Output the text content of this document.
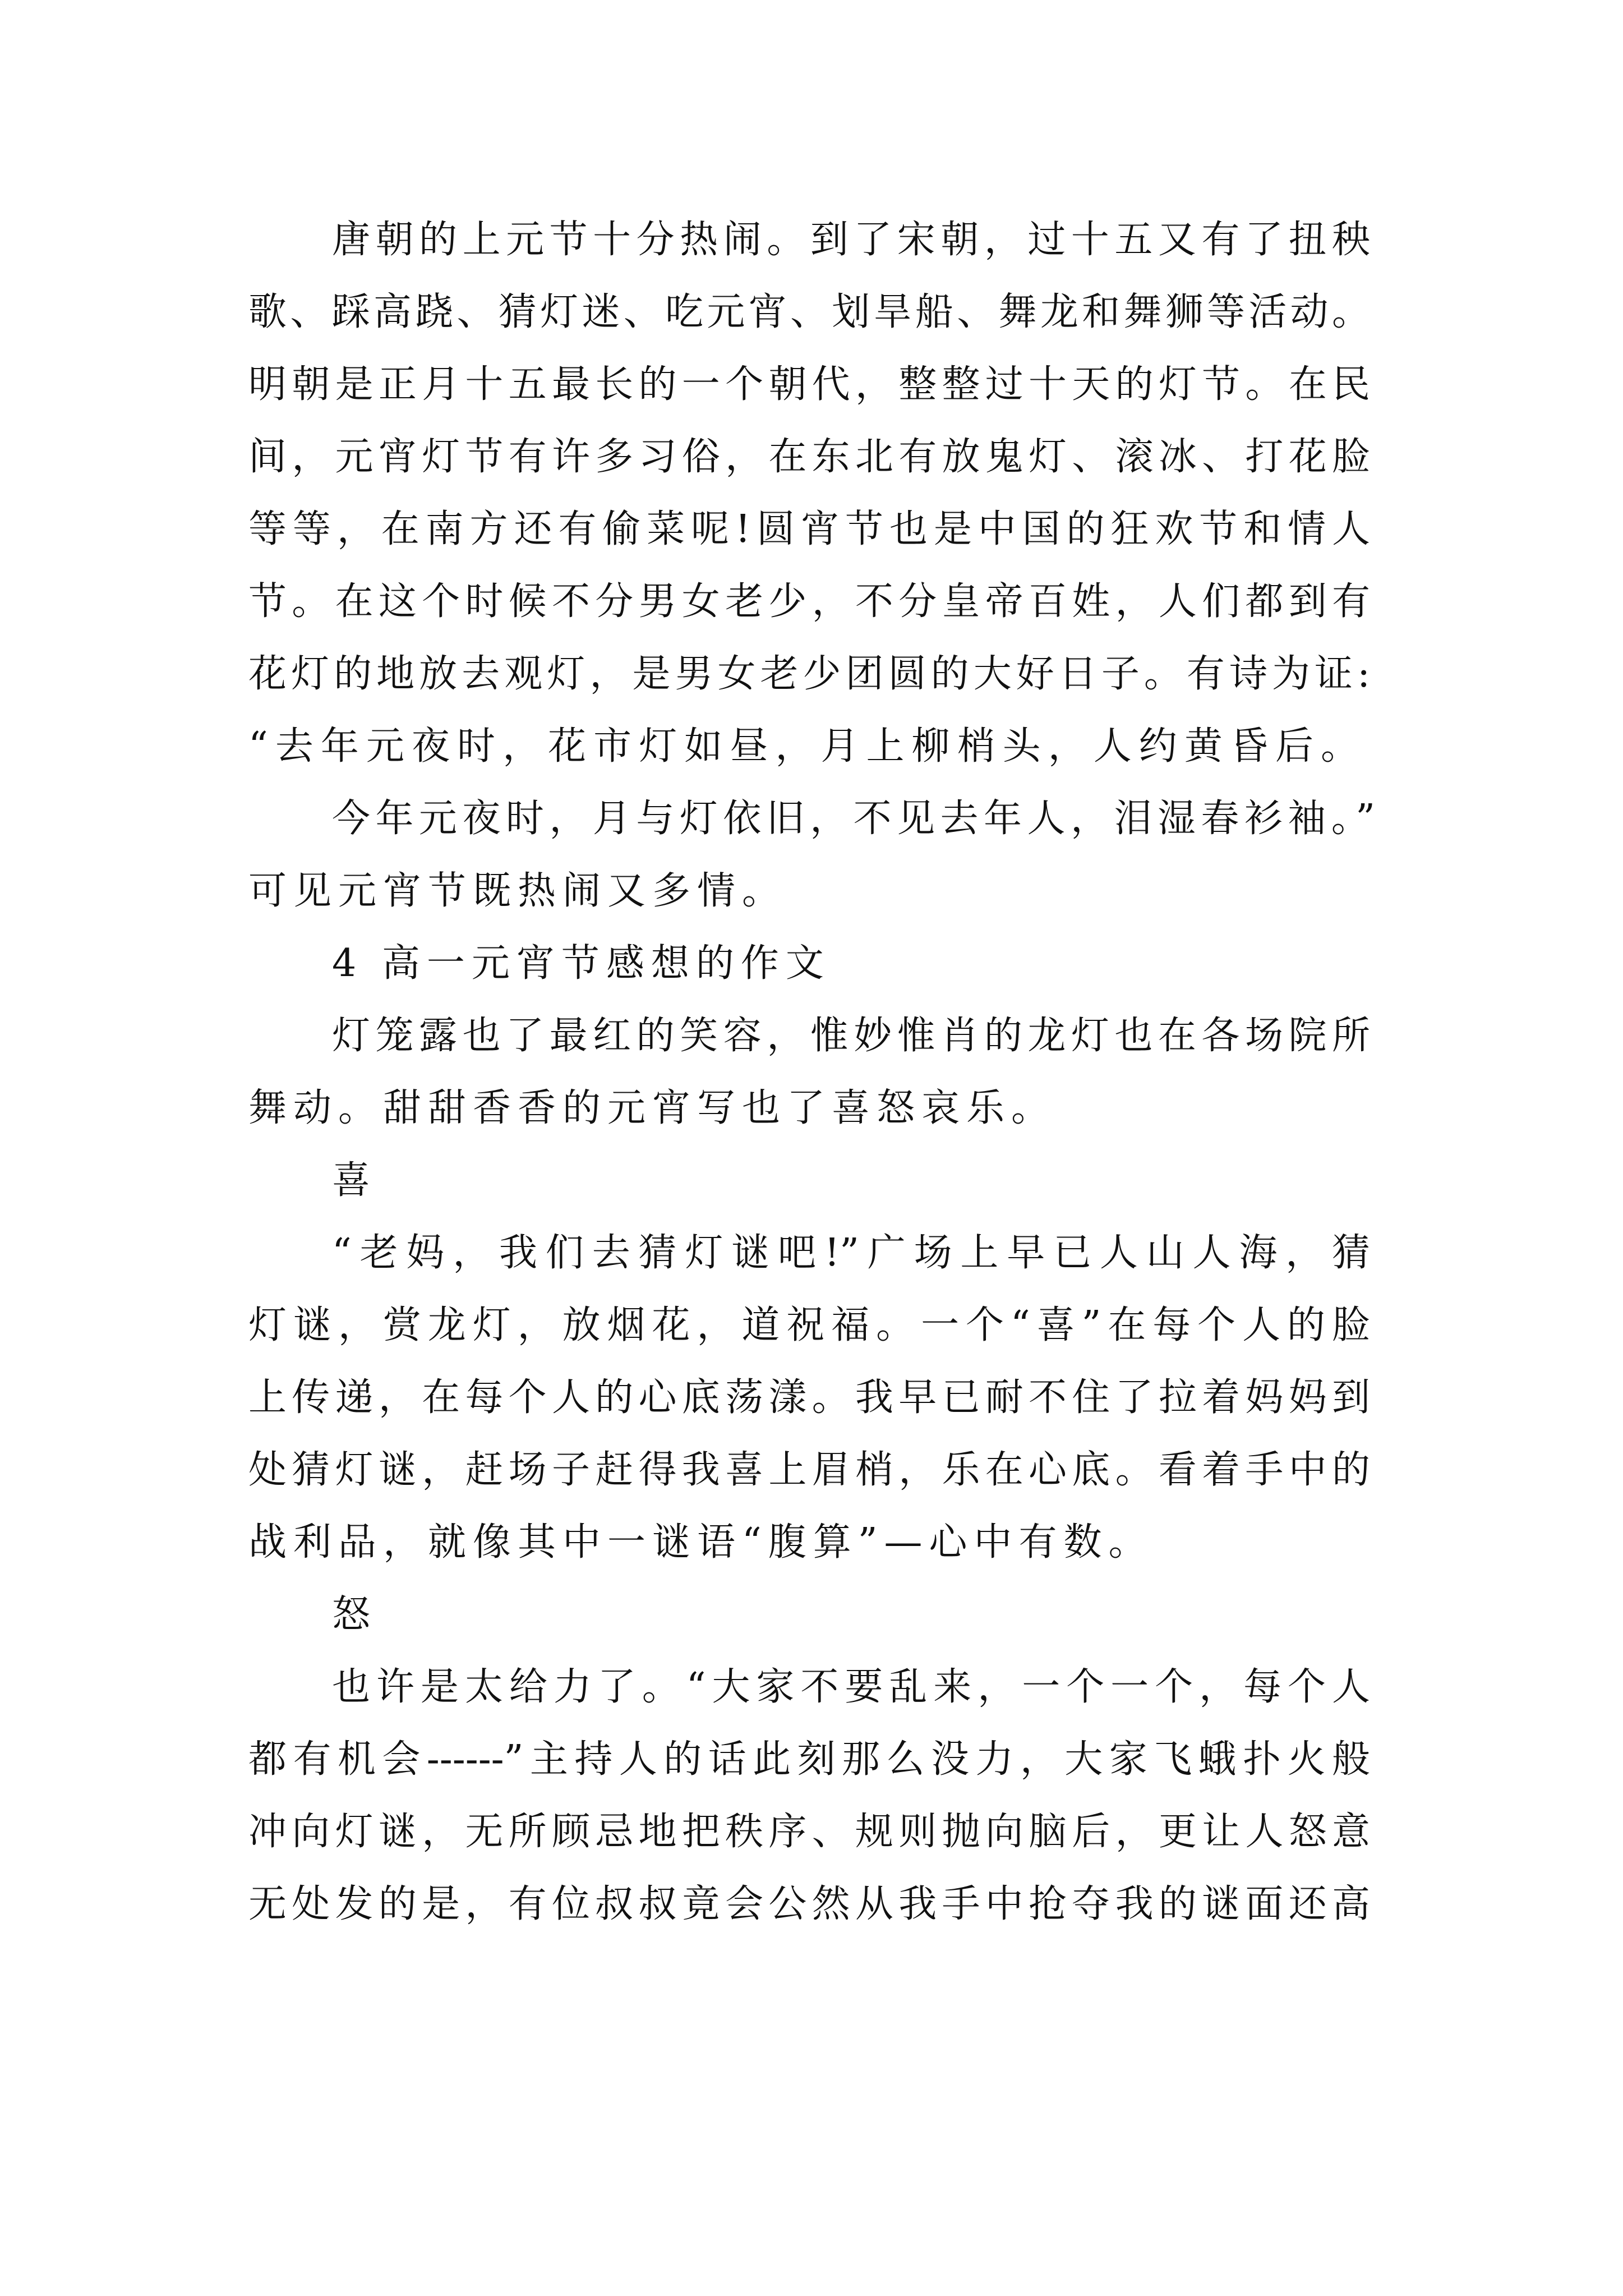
唐朝的上元节十分热闹。到了宋朝，过十五又有了扭秧
歌、踩高跷、猜灯迷、吃元宵、划旱船、舞龙和舞狮等活动。
明朝是正月十五最长的一个朝代，整整过十天的灯节。在民
间，元宵灯节有许多习俗，在东北有放鬼灯、滚冰、打花脸
等等，在南方还有偷菜呢!圆宵节也是中国的狂欢节和情人
节。在这个时候不分男女老少，不分皇帝百姓，人们都到有
花灯的地放去观灯，是男女老少团圆的大好日子。有诗为证:
“去年元夜时，花市灯如昼，月上柳梢头，人约黄昏后。
今年元夜时，月与灯依旧，不见去年人，泪湿春衫袖。”
可见元宵节既热闹又多情。
4 高一元宵节感想的作文
灯笼露也了最红的笑容，惟妙惟肖的龙灯也在各场院所
舞动。甜甜香香的元宵写也了喜怒哀乐。
喜
“老妈，我们去猜灯谜吧!”广场上早已人山人海，猜
灯谜，赏龙灯，放烟花，道祝福。一个“喜”在每个人的脸
上传递，在每个人的心底荡漾。我早已耐不住了拉着妈妈到
处猜灯谜，赶场子赶得我喜上眉梢，乐在心底。看着手中的
战利品，就像其中一谜语“腹算”—心中有数。
怒
也许是太给力了。“大家不要乱来，一个一个，每个人
都有机会------”主持人的话此刻那么没力，大家飞蛾扑火般
冲向灯谜，无所顾忌地把秩序、规则抛向脑后，更让人怒意
无处发的是，有位叔叔竟会公然从我手中抢夺我的谜面还高
